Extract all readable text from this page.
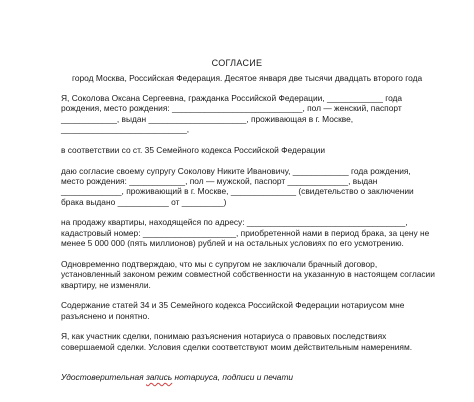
СОГЛАСИЕ
город Москва, Российская Федерация. Десятое января две тысячи двадцать второго года
Я, Соколова Оксана Сергеевна, гражданка Российской Федерации, ____________ года
рождения, место рождения: ____________________________, пол — женский, паспорт
____________, выдан _____________________, проживающая в г. Москве,
___________________________,
в соответствии со ст. 35 Семейного кодекса Российской Федерации
даю согласие своему супругу Соколову Никите Ивановичу, ____________ года рождения,
место рождения: ____________, пол — мужской, паспорт _____________, выдан
_____________, проживающий в г. Москве, ______________ (свидетельство о заключении
брака выдано ___________ от _________)
на продажу квартиры, находящейся по адресу: __________________________________,
кадастровый номер: ____________________, приобретенной нами в период брака, за цену не
менее 5 000 000 (пять миллионов) рублей и на остальных условиях по его усмотрению.
Одновременно подтверждаю, что мы с супругом не заключали брачный договор,
установленный законом режим совместной собственности на указанную в настоящем согласии
квартиру, не изменяли.
Содержание статей 34 и 35 Семейного кодекса Российской Федерации нотариусом мне
разъяснено и понятно.
Я, как участник сделки, понимаю разъяснения нотариуса о правовых последствиях
совершаемой сделки. Условия сделки соответствуют моим действительным намерениям.
Удостоверительная запись нотариуса, подписи и печати
